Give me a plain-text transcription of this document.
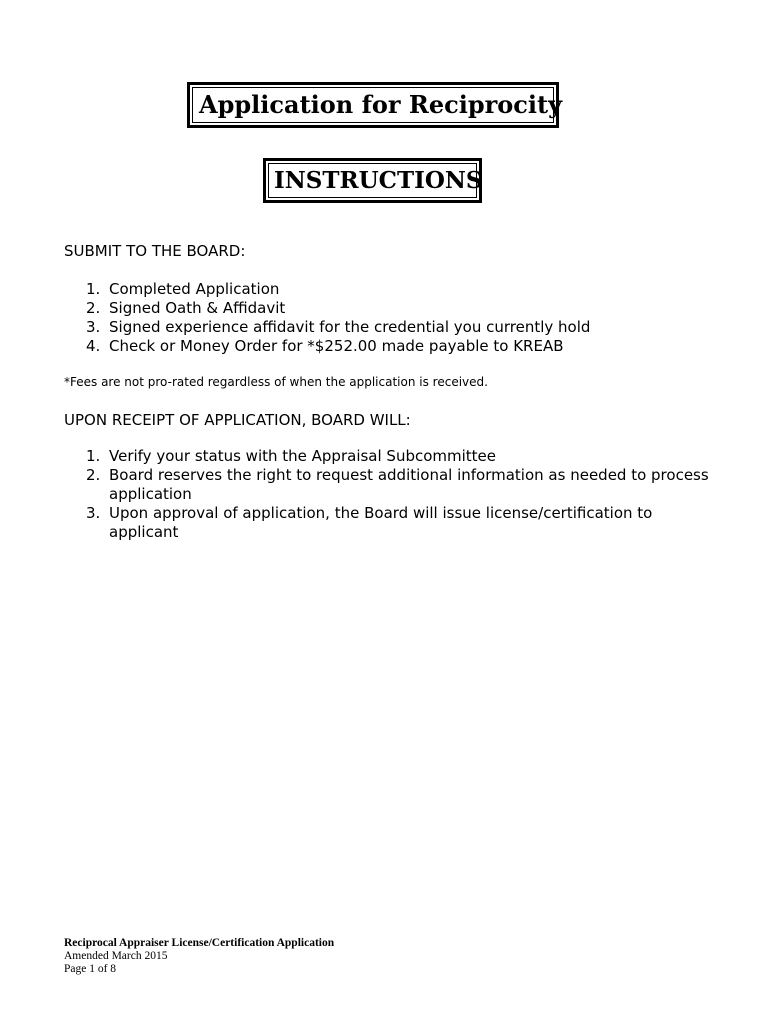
Application for Reciprocity
INSTRUCTIONS
SUBMIT TO THE BOARD:
1. Completed Application
2. Signed Oath & Affidavit
3. Signed experience affidavit for the credential you currently hold
4. Check or Money Order for *$252.00 made payable to KREAB
*Fees are not pro-rated regardless of when the application is received.
UPON RECEIPT OF APPLICATION, BOARD WILL:
1. Verify your status with the Appraisal Subcommittee
2. Board reserves the right to request additional information as needed to process application
3. Upon approval of application, the Board will issue license/certification to applicant
Reciprocal Appraiser License/Certification Application
Amended March 2015
Page 1 of 8
